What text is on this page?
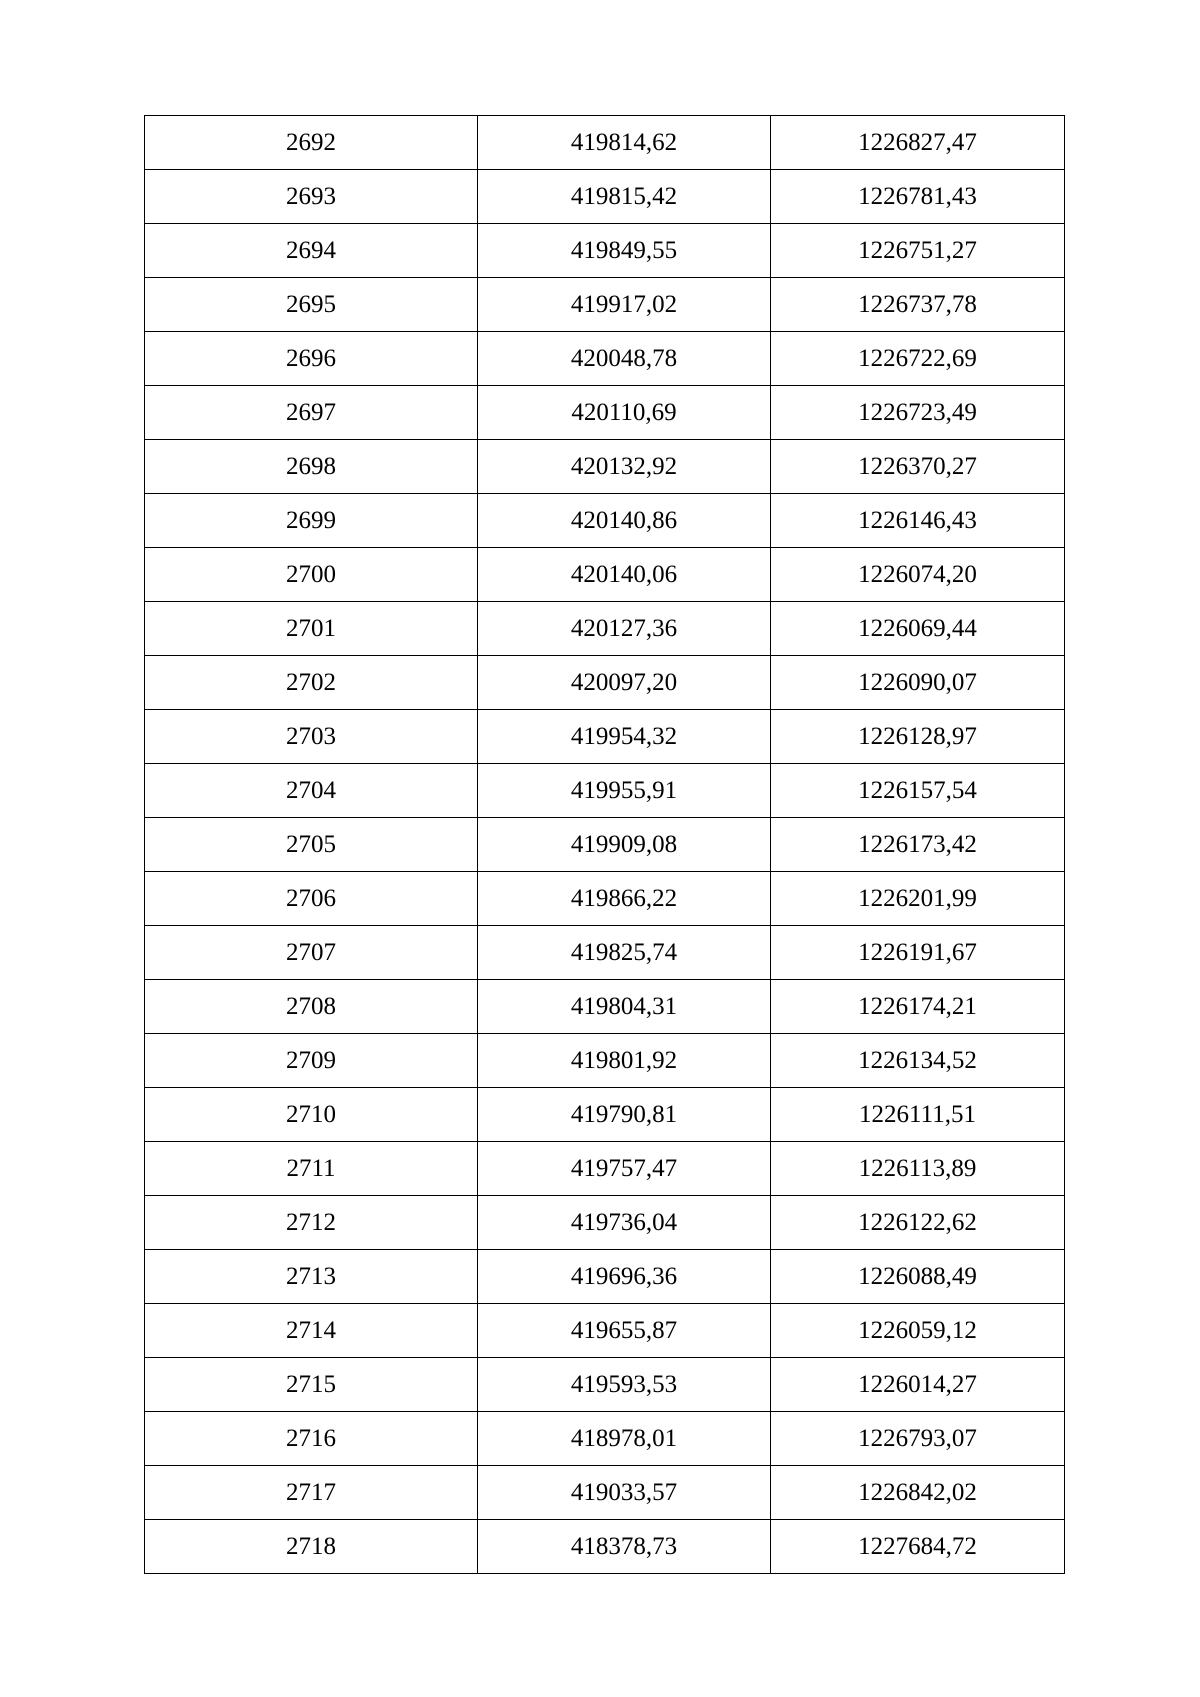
2692	419814,62	1226827,47
2693	419815,42	1226781,43
2694	419849,55	1226751,27
2695	419917,02	1226737,78
2696	420048,78	1226722,69
2697	420110,69	1226723,49
2698	420132,92	1226370,27
2699	420140,86	1226146,43
2700	420140,06	1226074,20
2701	420127,36	1226069,44
2702	420097,20	1226090,07
2703	419954,32	1226128,97
2704	419955,91	1226157,54
2705	419909,08	1226173,42
2706	419866,22	1226201,99
2707	419825,74	1226191,67
2708	419804,31	1226174,21
2709	419801,92	1226134,52
2710	419790,81	1226111,51
2711	419757,47	1226113,89
2712	419736,04	1226122,62
2713	419696,36	1226088,49
2714	419655,87	1226059,12
2715	419593,53	1226014,27
2716	418978,01	1226793,07
2717	419033,57	1226842,02
2718	418378,73	1227684,72
